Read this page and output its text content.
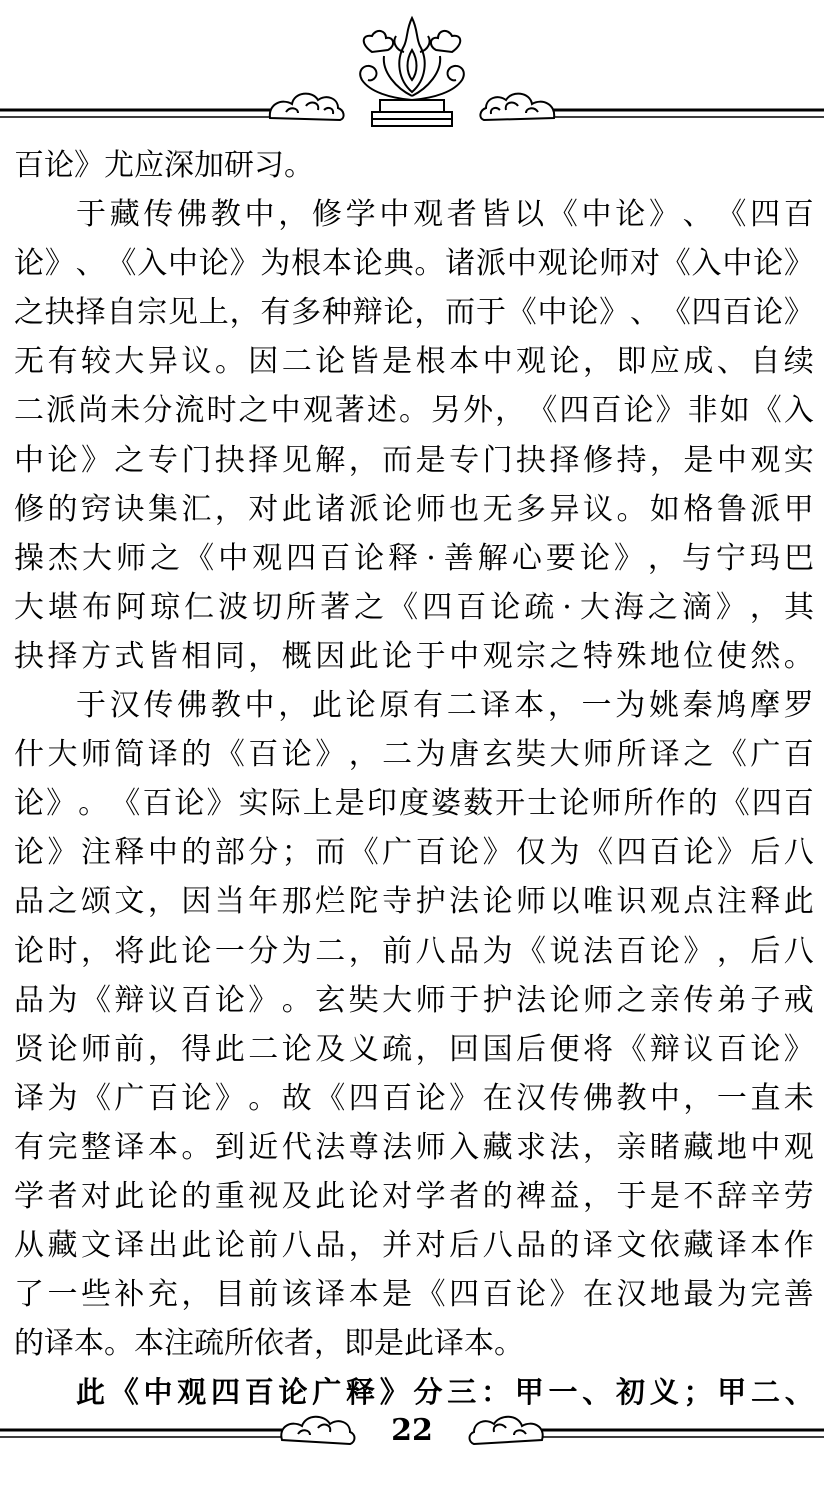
百论》尤应深加研习。
于 藏 传 佛 教 中 ， 修 学 中 观 者 皆 以 《 中 论 》 、 《 四 百
论 》 、 《 入 中 论 》 为 根 本 论 典 。 诸 派 中 观 论 师 对 《 入 中 论 》
之 抉 择 自 宗 见 上 ， 有 多 种 辩 论 ， 而 于 《 中 论 》 、 《 四 百 论 》
无 有 较 大 异 议 。 因 二 论 皆 是 根 本 中 观 论 ， 即 应 成 、 自 续
二 派 尚 未 分 流 时 之 中 观 著 述 。 另 外 ， 《 四 百 论 》 非 如 《 入
中 论 》 之 专 门 抉 择 见 解 ， 而 是 专 门 抉 择 修 持 ， 是 中 观 实
修 的 窍 诀 集 汇 ， 对 此 诸 派 论 师 也 无 多 异 议 。 如 格 鲁 派 甲
操 杰 大 师 之 《 中 观 四 百 论 释 · 善 解 心 要 论 》 ， 与 宁 玛 巴
大 堪 布 阿 琼 仁 波 切 所 著 之 《 四 百 论 疏 · 大 海 之 滴 》 ， 其
抉 择 方 式 皆 相 同 ， 概 因 此 论 于 中 观 宗 之 特 殊 地 位 使 然 。
于 汉 传 佛 教 中 ， 此 论 原 有 二 译 本 ， 一 为 姚 秦 鸠 摩 罗
什 大 师 简 译 的 《 百 论 》 ， 二 为 唐 玄 奘 大 师 所 译 之 《 广 百
论 》 。 《 百 论 》 实 际 上 是 印 度 婆 薮 开 士 论 师 所 作 的 《 四 百
论 》 注 释 中 的 部 分 ； 而 《 广 百 论 》 仅 为 《 四 百 论 》 后 八
品 之 颂 文 ， 因 当 年 那 烂 陀 寺 护 法 论 师 以 唯 识 观 点 注 释 此
论 时 ， 将 此 论 一 分 为 二 ， 前 八 品 为 《 说 法 百 论 》 ， 后 八
品 为 《 辩 议 百 论 》 。 玄 奘 大 师 于 护 法 论 师 之 亲 传 弟 子 戒
贤 论 师 前 ， 得 此 二 论 及 义 疏 ， 回 国 后 便 将 《 辩 议 百 论 》
译 为 《 广 百 论 》 。 故 《 四 百 论 》 在 汉 传 佛 教 中 ， 一 直 未
有 完 整 译 本 。 到 近 代 法 尊 法 师 入 藏 求 法 ， 亲 睹 藏 地 中 观
学 者 对 此 论 的 重 视 及 此 论 对 学 者 的 裨 益 ， 于 是 不 辞 辛 劳
从 藏 文 译 出 此 论 前 八 品 ， 并 对 后 八 品 的 译 文 依 藏 译 本 作
了 一 些 补 充 ， 目 前 该 译 本 是 《 四 百 论 》 在 汉 地 最 为 完 善
的译本。本注疏所依者，即是此译本。
此 《 中 观 四 百 论 广 释 》 分 三 ： 甲 一 、 初 义 ； 甲 二 、
22
